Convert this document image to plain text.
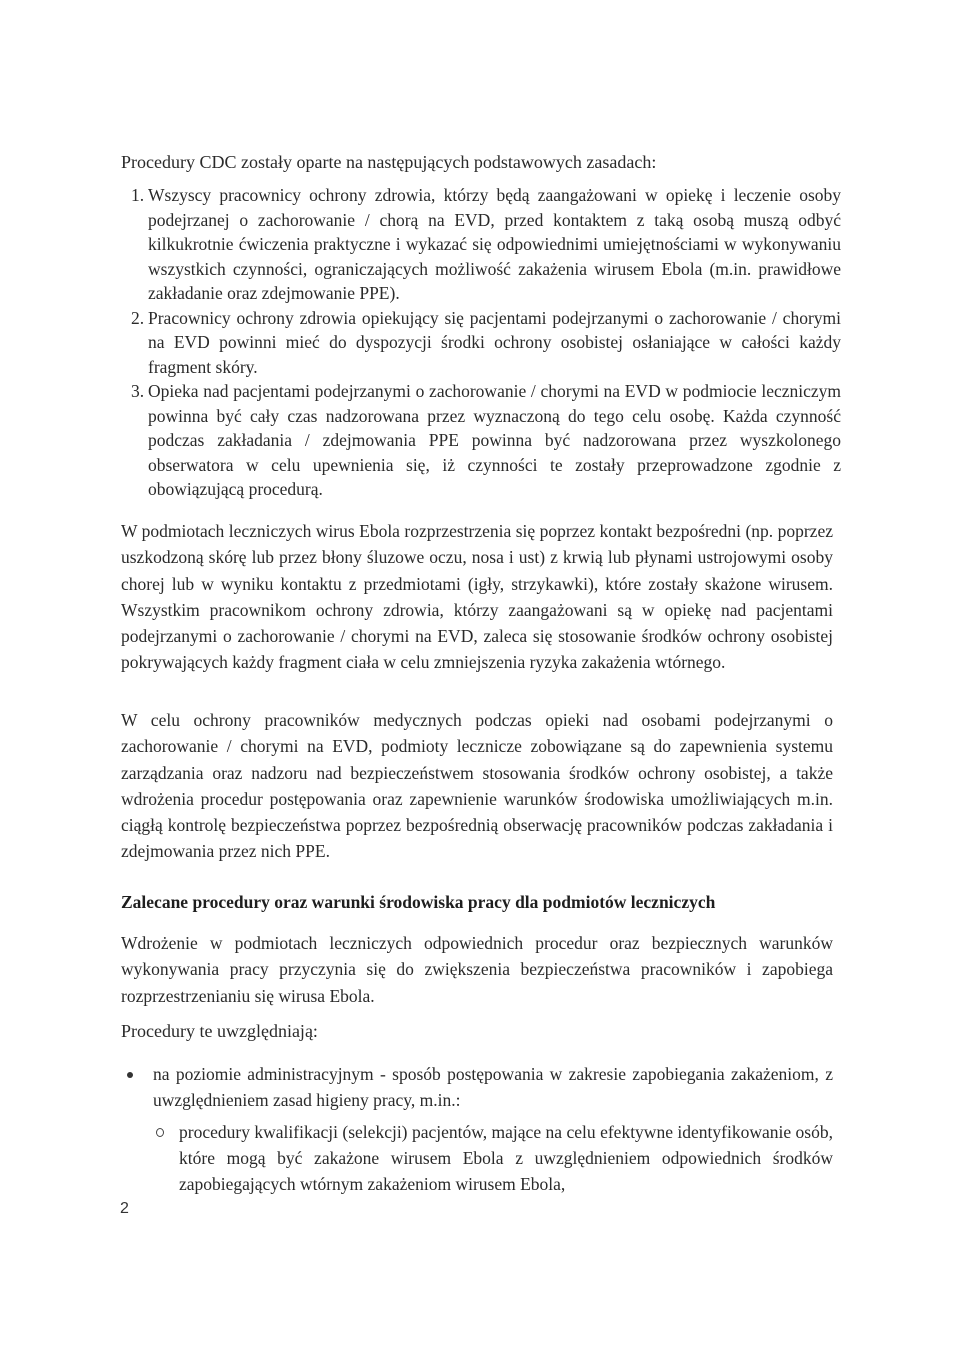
Procedury CDC zostały oparte na następujących podstawowych zasadach:

1. Wszyscy pracownicy ochrony zdrowia, którzy będą zaangażowani w opiekę i leczenie osoby podejrzanej o zachorowanie / chorą na EVD, przed kontaktem z taką osobą muszą odbyć kilkukrotnie ćwiczenia praktyczne i wykazać się odpowiednimi umiejętnościami w wykonywaniu wszystkich czynności, ograniczających możliwość zakażenia wirusem Ebola (m.in. prawidłowe zakładanie oraz zdejmowanie PPE).
2. Pracownicy ochrony zdrowia opiekujący się pacjentami podejrzanymi o zachorowanie / chorymi na EVD powinni mieć do dyspozycji środki ochrony osobistej osłaniające w całości każdy fragment skóry.
3. Opieka nad pacjentami podejrzanymi o zachorowanie / chorymi na EVD w podmiocie leczniczym powinna być cały czas nadzorowana przez wyznaczoną do tego celu osobę. Każda czynność podczas zakładania / zdejmowania PPE powinna być nadzorowana przez wyszkolonego obserwatora w celu upewnienia się, iż czynności te zostały przeprowadzone zgodnie z obowiązującą procedurą.

W podmiotach leczniczych wirus Ebola rozprzestrzenia się poprzez kontakt bezpośredni (np. poprzez uszkodzoną skórę lub przez błony śluzowe oczu, nosa i ust) z krwią lub płynami ustrojowymi osoby chorej lub w wyniku kontaktu z przedmiotami (igły, strzykawki), które zostały skażone wirusem. Wszystkim pracownikom ochrony zdrowia, którzy zaangażowani są w opiekę nad pacjentami podejrzanymi o zachorowanie / chorymi na EVD, zaleca się stosowanie środków ochrony osobistej pokrywających każdy fragment ciała w celu zmniejszenia ryzyka zakażenia wtórnego.

W celu ochrony pracowników medycznych podczas opieki nad osobami podejrzanymi o zachorowanie / chorymi na EVD, podmioty lecznicze zobowiązane są do zapewnienia systemu zarządzania oraz nadzoru nad bezpieczeństwem stosowania środków ochrony osobistej, a także wdrożenia procedur postępowania oraz zapewnienie warunków środowiska umożliwiających m.in. ciągłą kontrolę bezpieczeństwa poprzez bezpośrednią obserwację pracowników podczas zakładania i zdejmowania przez nich PPE.

Zalecane procedury oraz warunki środowiska pracy dla podmiotów leczniczych

Wdrożenie w podmiotach leczniczych odpowiednich procedur oraz bezpiecznych warunków wykonywania pracy przyczynia się do zwiększenia bezpieczeństwa pracowników i zapobiega rozprzestrzenianiu się wirusa Ebola.

Procedury te uwzględniają:

na poziomie administracyjnym - sposób postępowania w zakresie zapobiegania zakażeniom, z uwzględnieniem zasad higieny pracy, m.in.:
procedury kwalifikacji (selekcji) pacjentów, mające na celu efektywne identyfikowanie osób, które mogą być zakażone wirusem Ebola z uwzględnieniem odpowiednich środków zapobiegających wtórnym zakażeniom wirusem Ebola,
2
